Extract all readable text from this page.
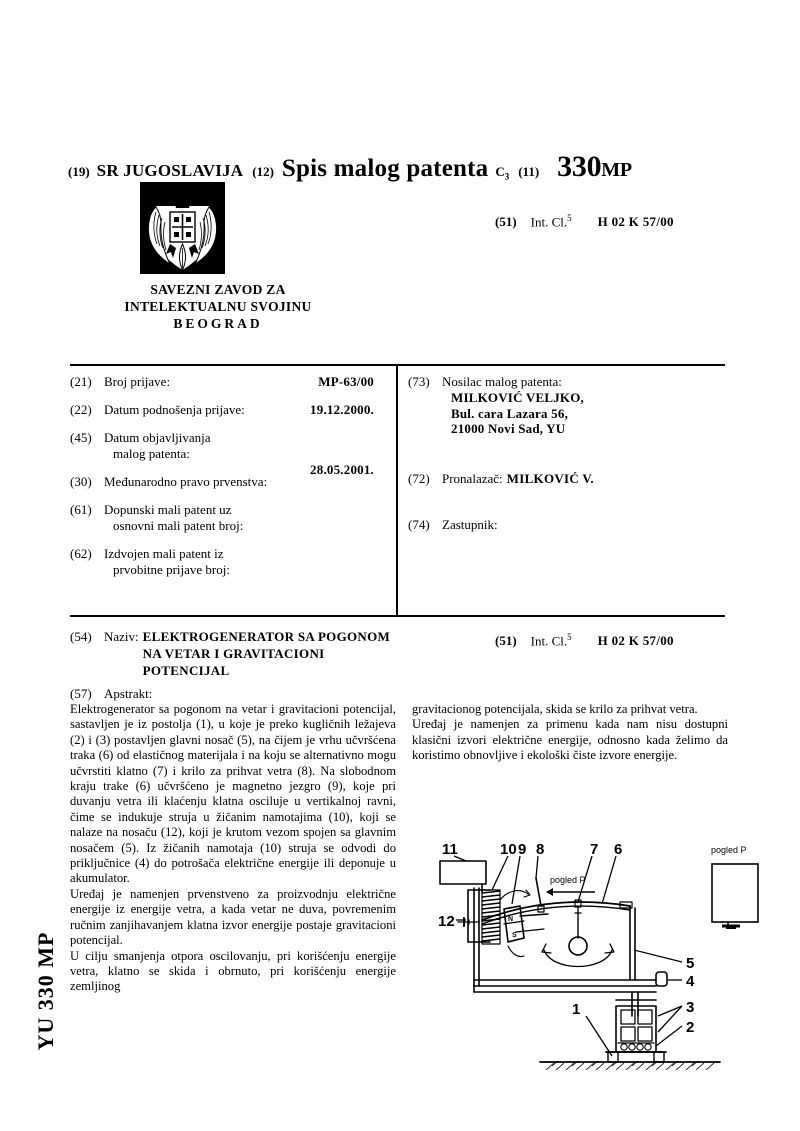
(19) SR JUGOSLAVIJA (12) Spis malog patenta $C_3$ (11) 330MP
SAVEZNI ZAVOD ZA
INTELEKTUALNU SVOJINU
BEOGRAD
(51) Int. Cl.$^5$ H 02 K 57/00
(21) Broj prijave:	MP-63/00
(22) Datum podnošenja prijave:	19.12.2000.
(45) Datum objavljivanja
malog patenta:
28.05.2001.
(30) Međunarodno pravo prvenstva:
(61) Dopunski mali patent uz
osnovni mali patent broj:
(62) Izdvojen mali patent iz
prvobitne prijave broj:
(73) Nosilac malog patenta:
MILKOVIĆ VELJKO,
Bul. cara Lazara 56,
21000 Novi Sad, YU
(72) Pronalazač: MILKOVIĆ V.
(74) Zastupnik:
(54) Naziv: ELEKTROGENERATOR SA POGONOM
NA VETAR I GRAVITACIONI
POTENCIJAL
(51) Int. Cl.$^5$ H 02 K 57/00
(57) Apstrakt:

Elektrogenerator sa pogonom na vetar i gravitacioni potencijal, sastavljen je iz postolja (1), u koje je preko kugličnih ležajeva (2) i (3) postavljen glavni nosač (5), na čijem je vrhu učvršćena traka (6) od elastičnog materijala i na koju se alternativno mogu učvrstiti klatno (7) i krilo za prihvat vetra (8). Na slobodnom kraju trake (6) učvršćeno je magnetno jezgro (9), koje pri duvanju vetra ili klaćenju klatna osciluje u vertikalnoj ravni, čime se indukuje struja u žičanim namotajima (10), koji se nalaze na nosaču (12), koji je krutom vezom spojen sa glavnim nosačem (5). Iz žičanih namotaja (10) struja se odvodi do priključnice (4) do potrošača električne energije ili deponuje u akumulator.
Uređaj je namenjen prvenstveno za proizvodnju električne energije iz energije vetra, a kada vetar ne duva, povremenim ručnim zanjihavanjem klatna izvor energije postaje gravitacioni potencijal.
U cilju smanjenja otpora oscilovanju, pri korišćenju energije vetra, klatno se skida i obrnuto, pri korišćenju energije zemljinog

gravitacionog potencijala, skida se krilo za prihvat vetra.
Uređaj je namenjen za primenu kada nam nisu dostupni klasični izvori električne energije, odnosno kada želimo da koristimo obnovljive i ekološki čiste izvore energije.

YU 330 MP
pogled P
pogled P
N
S
11	10 9 8	7 6
12
5
4
3
2
1
